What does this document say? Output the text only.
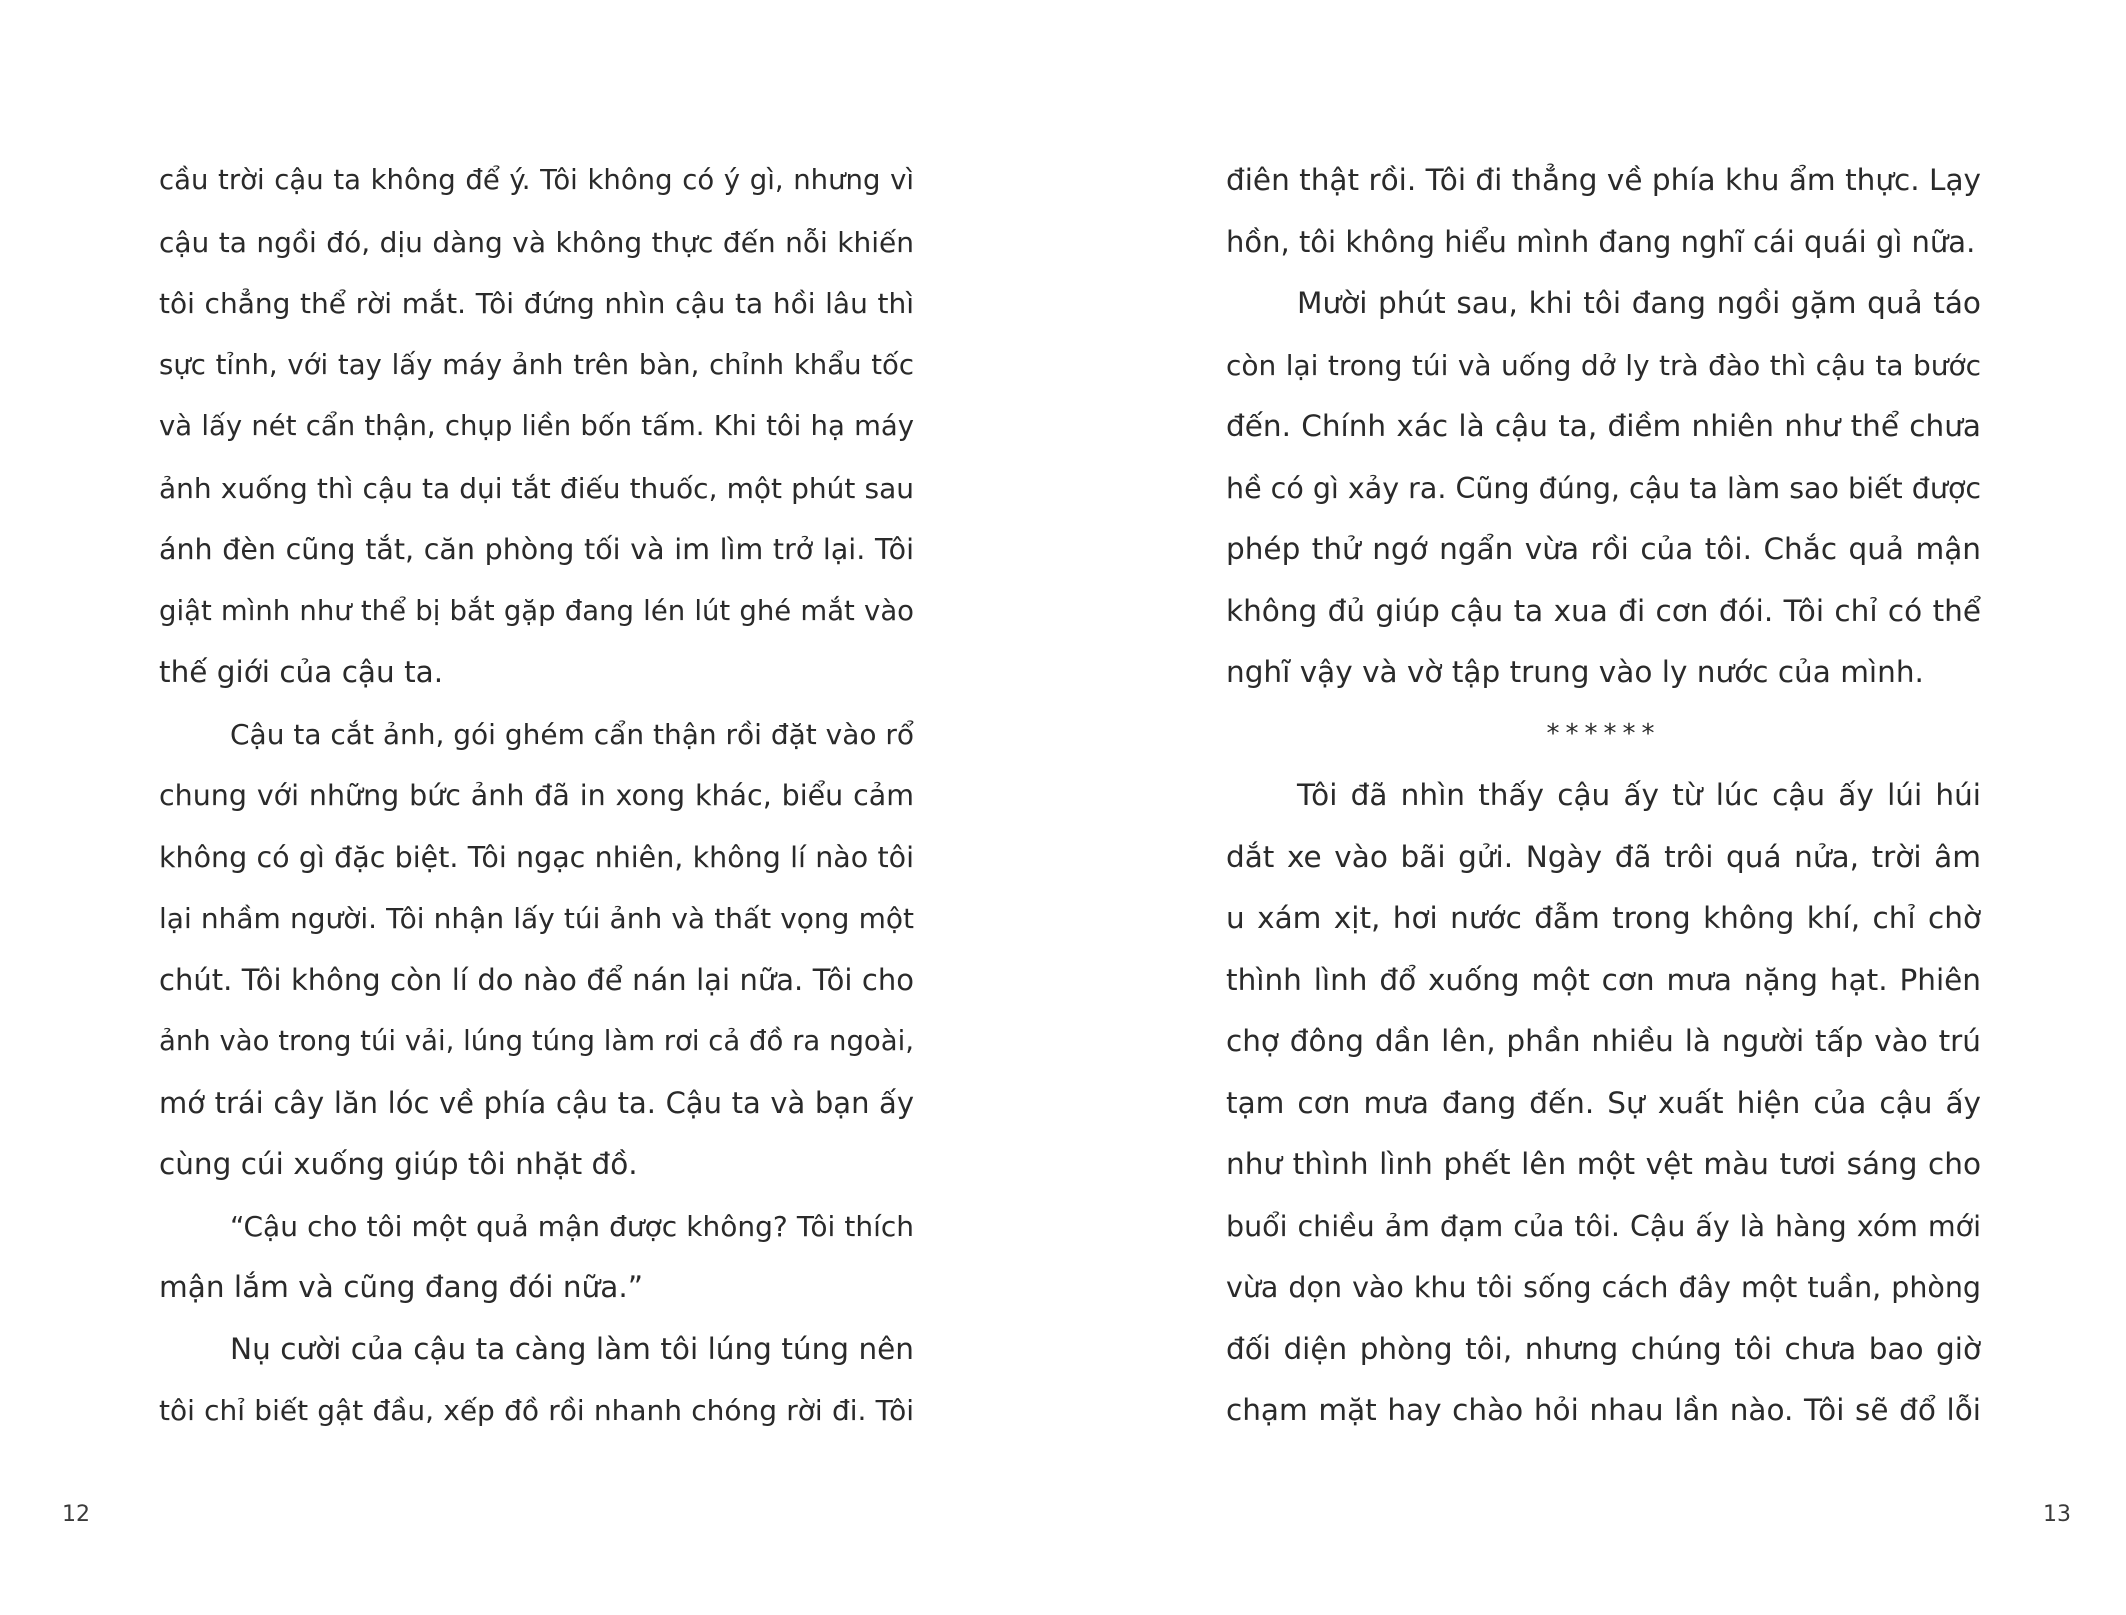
cầu trời cậu ta không để ý. Tôi không có ý gì, nhưng vì
cậu ta ngồi đó, dịu dàng và không thực đến nỗi khiến
tôi chẳng thể rời mắt. Tôi đứng nhìn cậu ta hồi lâu thì
sực tỉnh, với tay lấy máy ảnh trên bàn, chỉnh khẩu tốc
và lấy nét cẩn thận, chụp liền bốn tấm. Khi tôi hạ máy
ảnh xuống thì cậu ta dụi tắt điếu thuốc, một phút sau
ánh đèn cũng tắt, căn phòng tối và im lìm trở lại. Tôi
giật mình như thể bị bắt gặp đang lén lút ghé mắt vào
thế giới của cậu ta.
Cậu ta cắt ảnh, gói ghém cẩn thận rồi đặt vào rổ
chung với những bức ảnh đã in xong khác, biểu cảm
không có gì đặc biệt. Tôi ngạc nhiên, không lí nào tôi
lại nhầm người. Tôi nhận lấy túi ảnh và thất vọng một
chút. Tôi không còn lí do nào để nán lại nữa. Tôi cho
ảnh vào trong túi vải, lúng túng làm rơi cả đồ ra ngoài,
mớ trái cây lăn lóc về phía cậu ta. Cậu ta và bạn ấy
cùng cúi xuống giúp tôi nhặt đồ.
“Cậu cho tôi một quả mận được không? Tôi thích
mận lắm và cũng đang đói nữa.”
Nụ cười của cậu ta càng làm tôi lúng túng nên
tôi chỉ biết gật đầu, xếp đồ rồi nhanh chóng rời đi. Tôi
12
điên thật rồi. Tôi đi thẳng về phía khu ẩm thực. Lạy
hồn, tôi không hiểu mình đang nghĩ cái quái gì nữa.
Mười phút sau, khi tôi đang ngồi gặm quả táo
còn lại trong túi và uống dở ly trà đào thì cậu ta bước
đến. Chính xác là cậu ta, điềm nhiên như thể chưa
hề có gì xảy ra. Cũng đúng, cậu ta làm sao biết được
phép thử ngớ ngẩn vừa rồi của tôi. Chắc quả mận
không đủ giúp cậu ta xua đi cơn đói. Tôi chỉ có thể
nghĩ vậy và vờ tập trung vào ly nước của mình.
******
Tôi đã nhìn thấy cậu ấy từ lúc cậu ấy lúi húi
dắt xe vào bãi gửi. Ngày đã trôi quá nửa, trời âm
u xám xịt, hơi nước đẫm trong không khí, chỉ chờ
thình lình đổ xuống một cơn mưa nặng hạt. Phiên
chợ đông dần lên, phần nhiều là người tấp vào trú
tạm cơn mưa đang đến. Sự xuất hiện của cậu ấy
như thình lình phết lên một vệt màu tươi sáng cho
buổi chiều ảm đạm của tôi. Cậu ấy là hàng xóm mới
vừa dọn vào khu tôi sống cách đây một tuần, phòng
đối diện phòng tôi, nhưng chúng tôi chưa bao giờ
chạm mặt hay chào hỏi nhau lần nào. Tôi sẽ đổ lỗi
13
